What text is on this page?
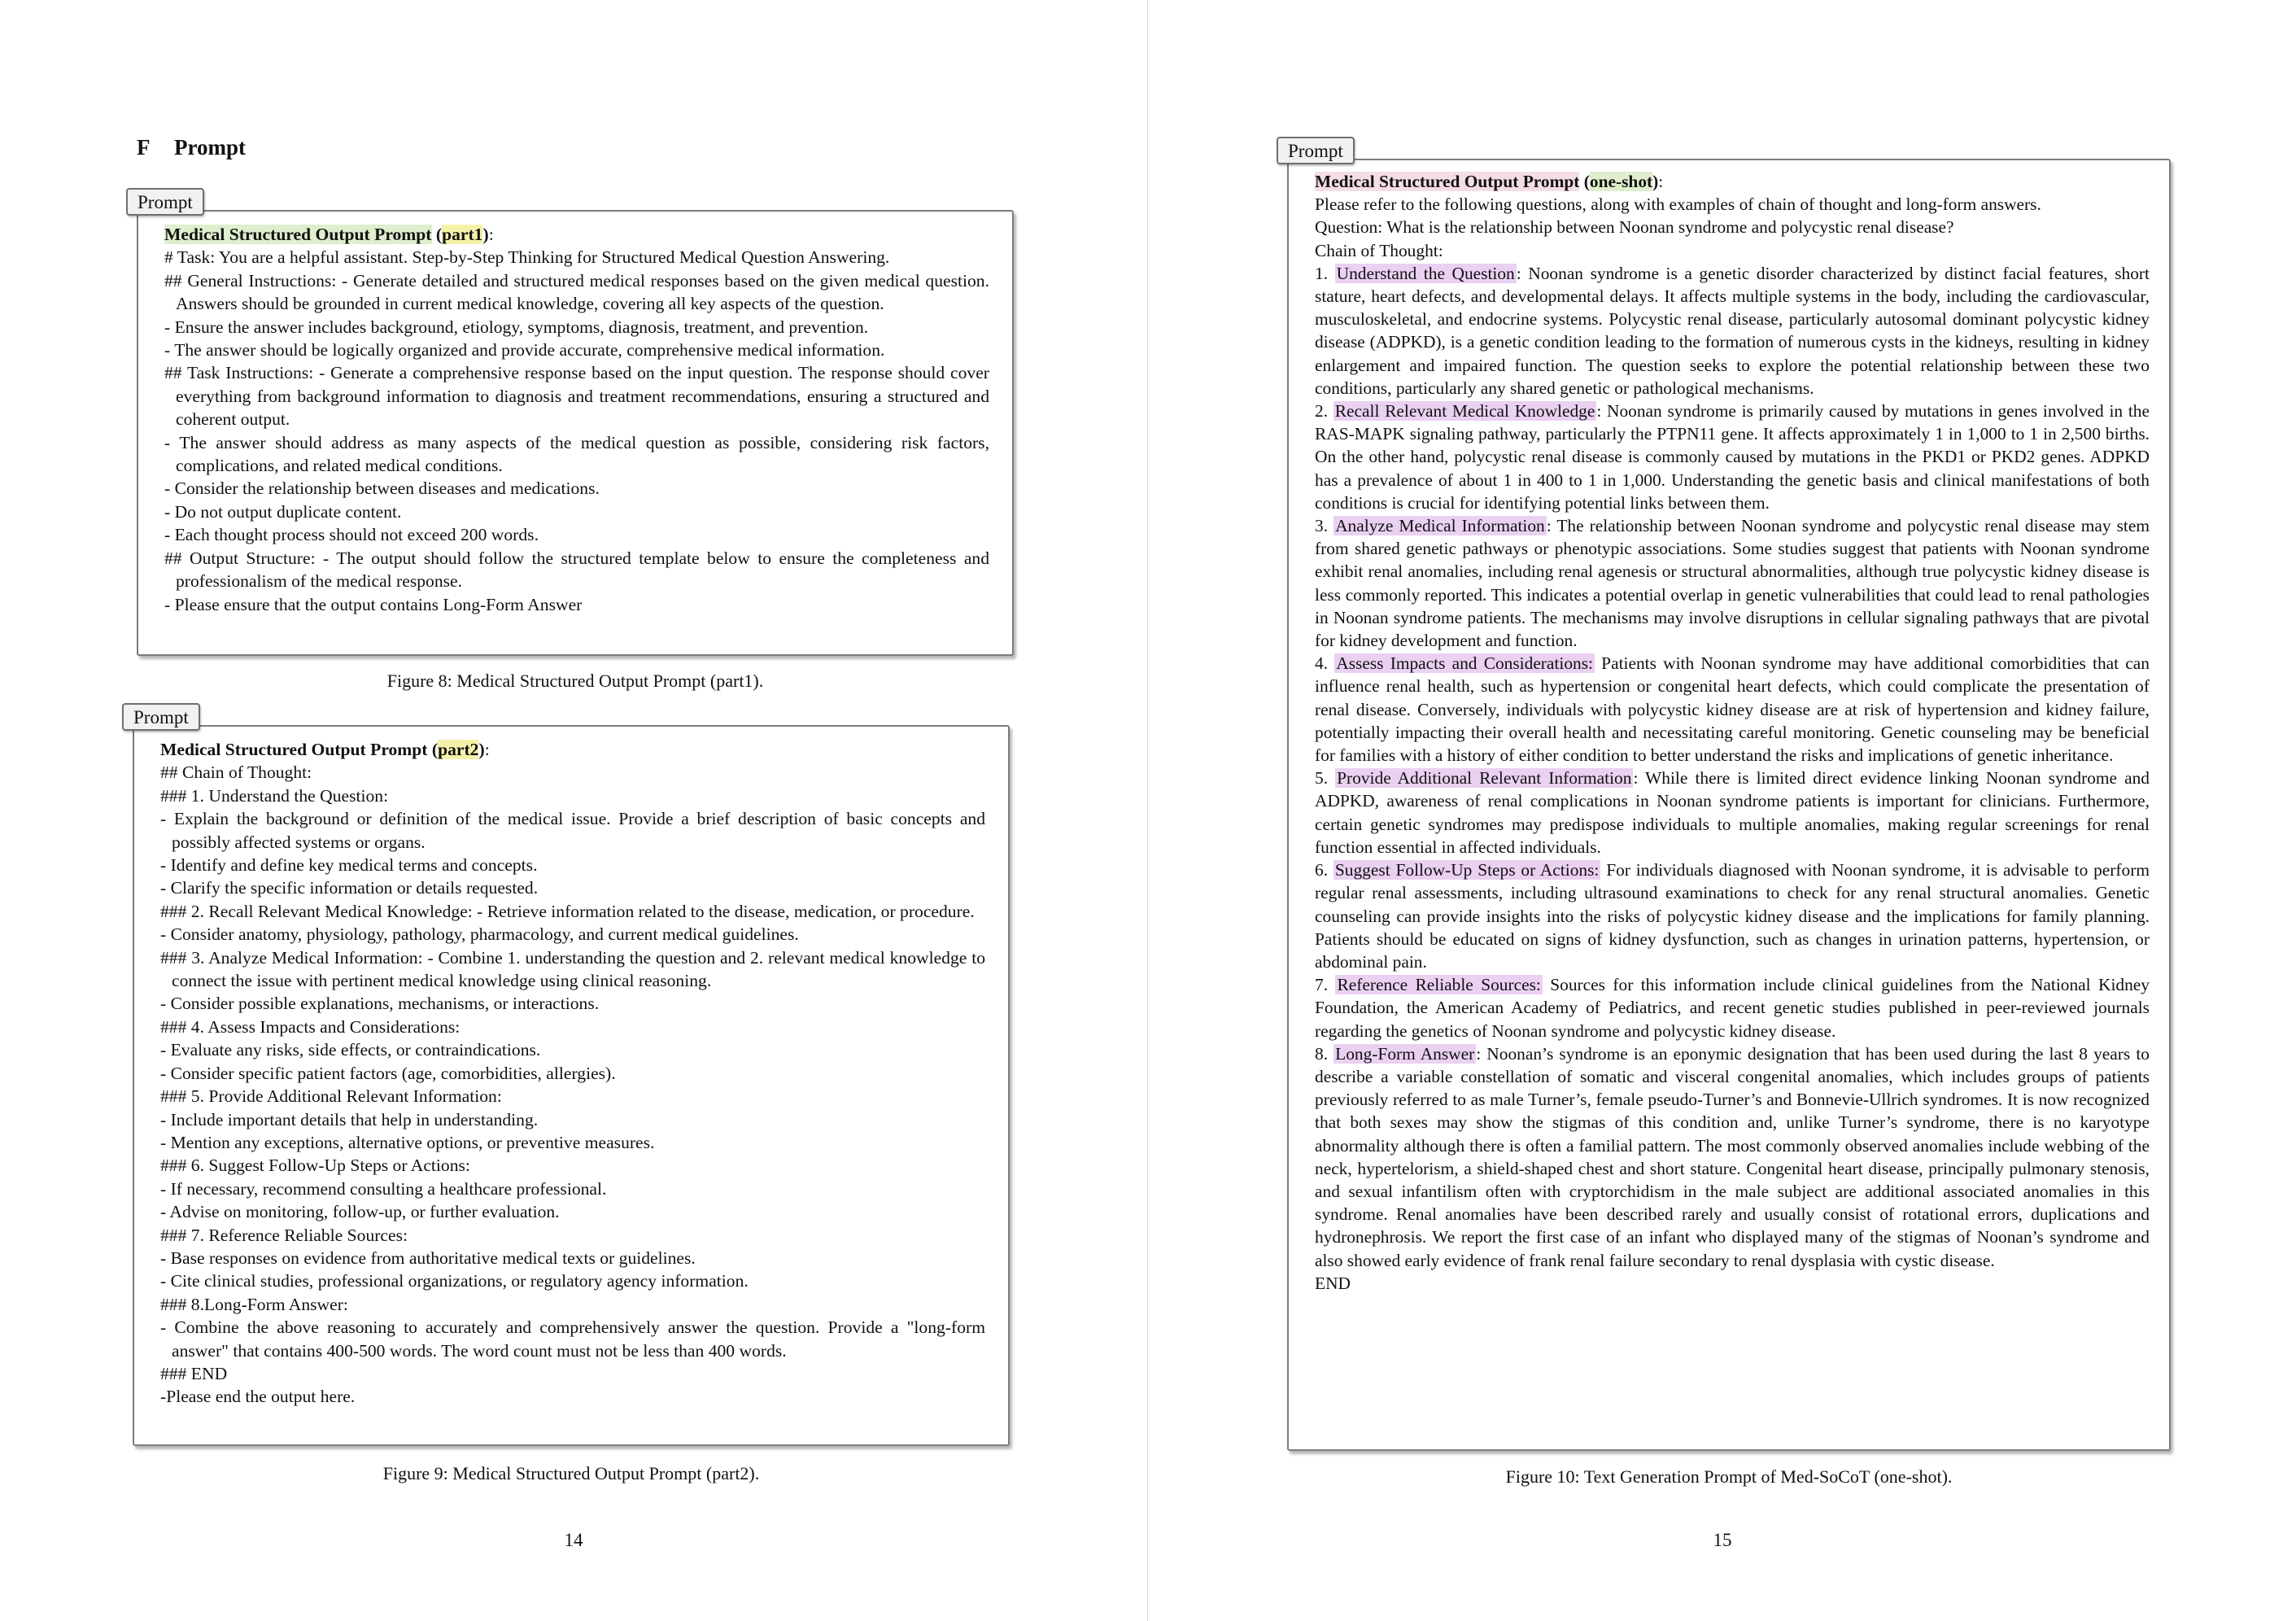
F Prompt
Prompt

Medical Structured Output Prompt (part1):

# Task: You are a helpful assistant. Step-by-Step Thinking for Structured Medical Question Answering.

## General Instructions: - Generate detailed and structured medical responses based on the given medical question. Answers should be grounded in current medical knowledge, covering all key aspects of the question.

- Ensure the answer includes background, etiology, symptoms, diagnosis, treatment, and prevention.

- The answer should be logically organized and provide accurate, comprehensive medical information.

## Task Instructions: - Generate a comprehensive response based on the input question. The response should cover everything from background information to diagnosis and treatment recommendations, ensuring a structured and coherent output.

- The answer should address as many aspects of the medical question as possible, considering risk factors, complications, and related medical conditions.

- Consider the relationship between diseases and medications.

- Do not output duplicate content.

- Each thought process should not exceed 200 words.

## Output Structure: - The output should follow the structured template below to ensure the completeness and professionalism of the medical response.

- Please ensure that the output contains Long-Form Answer

Figure 8: Medical Structured Output Prompt (part1).
Prompt

Medical Structured Output Prompt (part2):

## Chain of Thought:

### 1. Understand the Question:

- Explain the background or definition of the medical issue. Provide a brief description of basic concepts and possibly affected systems or organs.

- Identify and define key medical terms and concepts.

- Clarify the specific information or details requested.

### 2. Recall Relevant Medical Knowledge: - Retrieve information related to the disease, medication, or procedure.

- Consider anatomy, physiology, pathology, pharmacology, and current medical guidelines.

### 3. Analyze Medical Information: - Combine 1. understanding the question and 2. relevant medical knowledge to connect the issue with pertinent medical knowledge using clinical reasoning.

- Consider possible explanations, mechanisms, or interactions.

### 4. Assess Impacts and Considerations:

- Evaluate any risks, side effects, or contraindications.

- Consider specific patient factors (age, comorbidities, allergies).

### 5. Provide Additional Relevant Information:

- Include important details that help in understanding.

- Mention any exceptions, alternative options, or preventive measures.

### 6. Suggest Follow-Up Steps or Actions:

- If necessary, recommend consulting a healthcare professional.

- Advise on monitoring, follow-up, or further evaluation.

### 7. Reference Reliable Sources:

- Base responses on evidence from authoritative medical texts or guidelines.

- Cite clinical studies, professional organizations, or regulatory agency information.

### 8.Long-Form Answer:

- Combine the above reasoning to accurately and comprehensively answer the question. Provide a "long-form answer" that contains 400-500 words. The word count must not be less than 400 words.

### END

-Please end the output here.

Figure 9: Medical Structured Output Prompt (part2).
14
Prompt

Medical Structured Output Prompt (one-shot):

Please refer to the following questions, along with examples of chain of thought and long-form answers.

Question: What is the relationship between Noonan syndrome and polycystic renal disease?

Chain of Thought:

1. Understand the Question: Noonan syndrome is a genetic disorder characterized by distinct facial features, short stature, heart defects, and developmental delays. It affects multiple systems in the body, including the cardiovascular, musculoskeletal, and endocrine systems. Polycystic renal disease, particularly autosomal dominant polycystic kidney disease (ADPKD), is a genetic condition leading to the formation of numerous cysts in the kidneys, resulting in kidney enlargement and impaired function. The question seeks to explore the potential relationship between these two conditions, particularly any shared genetic or pathological mechanisms.

2. Recall Relevant Medical Knowledge: Noonan syndrome is primarily caused by mutations in genes involved in the RAS-MAPK signaling pathway, particularly the PTPN11 gene. It affects approximately 1 in 1,000 to 1 in 2,500 births. On the other hand, polycystic renal disease is commonly caused by mutations in the PKD1 or PKD2 genes. ADPKD has a prevalence of about 1 in 400 to 1 in 1,000. Understanding the genetic basis and clinical manifestations of both conditions is crucial for identifying potential links between them.

3. Analyze Medical Information: The relationship between Noonan syndrome and polycystic renal disease may stem from shared genetic pathways or phenotypic associations. Some studies suggest that patients with Noonan syndrome exhibit renal anomalies, including renal agenesis or structural abnormalities, although true polycystic kidney disease is less commonly reported. This indicates a potential overlap in genetic vulnerabilities that could lead to renal pathologies in Noonan syndrome patients. The mechanisms may involve disruptions in cellular signaling pathways that are pivotal for kidney development and function.

4. Assess Impacts and Considerations: Patients with Noonan syndrome may have additional comorbidities that can influence renal health, such as hypertension or congenital heart defects, which could complicate the presentation of renal disease. Conversely, individuals with polycystic kidney disease are at risk of hypertension and kidney failure, potentially impacting their overall health and necessitating careful monitoring. Genetic counseling may be beneficial for families with a history of either condition to better understand the risks and implications of genetic inheritance.

5. Provide Additional Relevant Information: While there is limited direct evidence linking Noonan syndrome and ADPKD, awareness of renal complications in Noonan syndrome patients is important for clinicians. Furthermore, certain genetic syndromes may predispose individuals to multiple anomalies, making regular screenings for renal function essential in affected individuals.

6. Suggest Follow-Up Steps or Actions: For individuals diagnosed with Noonan syndrome, it is advisable to perform regular renal assessments, including ultrasound examinations to check for any renal structural anomalies. Genetic counseling can provide insights into the risks of polycystic kidney disease and the implications for family planning. Patients should be educated on signs of kidney dysfunction, such as changes in urination patterns, hypertension, or abdominal pain.

7. Reference Reliable Sources: Sources for this information include clinical guidelines from the National Kidney Foundation, the American Academy of Pediatrics, and recent genetic studies published in peer-reviewed journals regarding the genetics of Noonan syndrome and polycystic kidney disease.

8. Long-Form Answer: Noonan’s syndrome is an eponymic designation that has been used during the last 8 years to describe a variable constellation of somatic and visceral congenital anomalies, which includes groups of patients previously referred to as male Turner’s, female pseudo-Turner’s and Bonnevie-Ullrich syndromes. It is now recognized that both sexes may show the stigmas of this condition and, unlike Turner’s syndrome, there is no karyotype abnormality although there is often a familial pattern. The most commonly observed anomalies include webbing of the neck, hypertelorism, a shield-shaped chest and short stature. Congenital heart disease, principally pulmonary stenosis, and sexual infantilism often with cryptorchidism in the male subject are additional associated anomalies in this syndrome. Renal anomalies have been described rarely and usually consist of rotational errors, duplications and hydronephrosis. We report the first case of an infant who displayed many of the stigmas of Noonan’s syndrome and also showed early evidence of frank renal failure secondary to renal dysplasia with cystic disease.

END

Figure 10: Text Generation Prompt of Med-SoCoT (one-shot).
15
